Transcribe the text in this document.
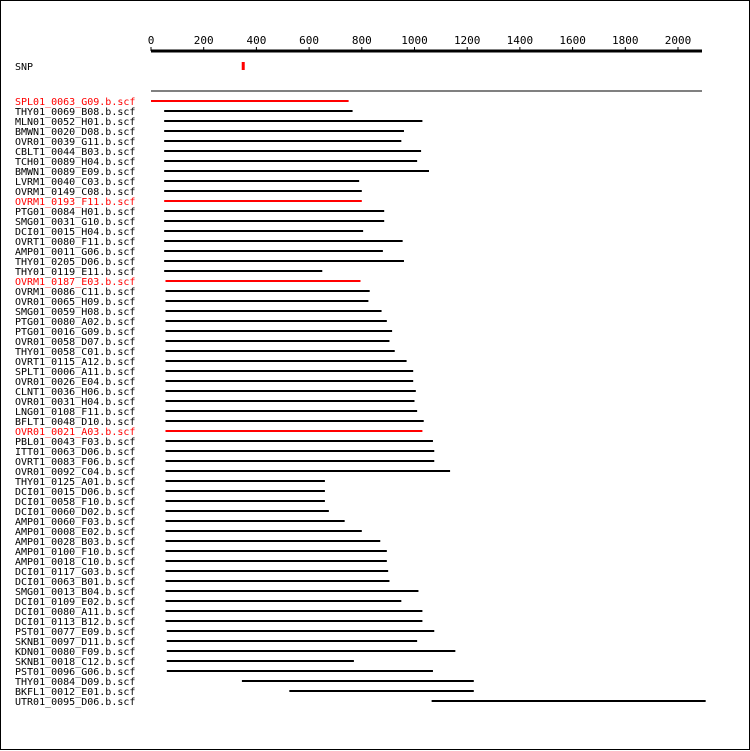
0	200	400	600	800	1000 1200 1400 1600 1800 2000
SNP
SPL01_0063_G09.b.scf
THY01_0069_B08.b.scf
MLN01_0052_H01.b.scf
BMWN1_0020_D08.b.scf
OVR01_0039_G11.b.scf
CBLT1_0044_B03.b.scf
TCH01_0089_H04.b.scf
BMWN1_0089_E09.b.scf
LVRM1_0040_C03.b.scf
OVRM1_0149_C08.b.scf
OVRM1_0193_F11.b.scf
PTG01_0084_H01.b.scf
SMG01_0031_G10.b.scf
DCI01_0015_H04.b.scf
OVRT1_0080_F11.b.scf
AMP01_0011_G06.b.scf
THY01_0205_D06.b.scf
THY01_0119_E11.b.scf
OVRM1_0187_E03.b.scf
OVRM1_0086_C11.b.scf
OVR01_0065_H09.b.scf
SMG01_0059_H08.b.scf
PTG01_0080_A02.b.scf
PTG01_0016_G09.b.scf
OVR01_0058_D07.b.scf
THY01_0058_C01.b.scf
OVRT1_0115_A12.b.scf
SPLT1_0006_A11.b.scf
OVR01_0026_E04.b.scf
CLNT1_0036_H06.b.scf
OVR01_0031_H04.b.scf
LNG01_0108_F11.b.scf
BFLT1_0048_D10.b.scf
OVR01_0021_A03.b.scf
PBL01_0043_F03.b.scf
ITT01_0063_D06.b.scf
OVRT1_0083_F06.b.scf
OVR01_0092_C04.b.scf
THY01_0125_A01.b.scf
DCI01_0015_D06.b.scf
DCI01_0058_F10.b.scf
DCI01_0060_D02.b.scf
AMP01_0060_F03.b.scf
AMP01_0008_E02.b.scf
AMP01_0028_B03.b.scf
AMP01_0100_F10.b.scf
AMP01_0018_C10.b.scf
DCI01_0117_G03.b.scf
DCI01_0063_B01.b.scf
SMG01_0013_B04.b.scf
DCI01_0109_E02.b.scf
DCI01_0080_A11.b.scf
DCI01_0113_B12.b.scf
PST01_0077_E09.b.scf
SKNB1_0097_D11.b.scf
KDN01_0080_F09.b.scf
SKNB1_0018_C12.b.scf
PST01_0096_G06.b.scf
THY01_0084_D09.b.scf
BKFL1_0012_E01.b.scf
UTR01_0095_D06.b.scf
